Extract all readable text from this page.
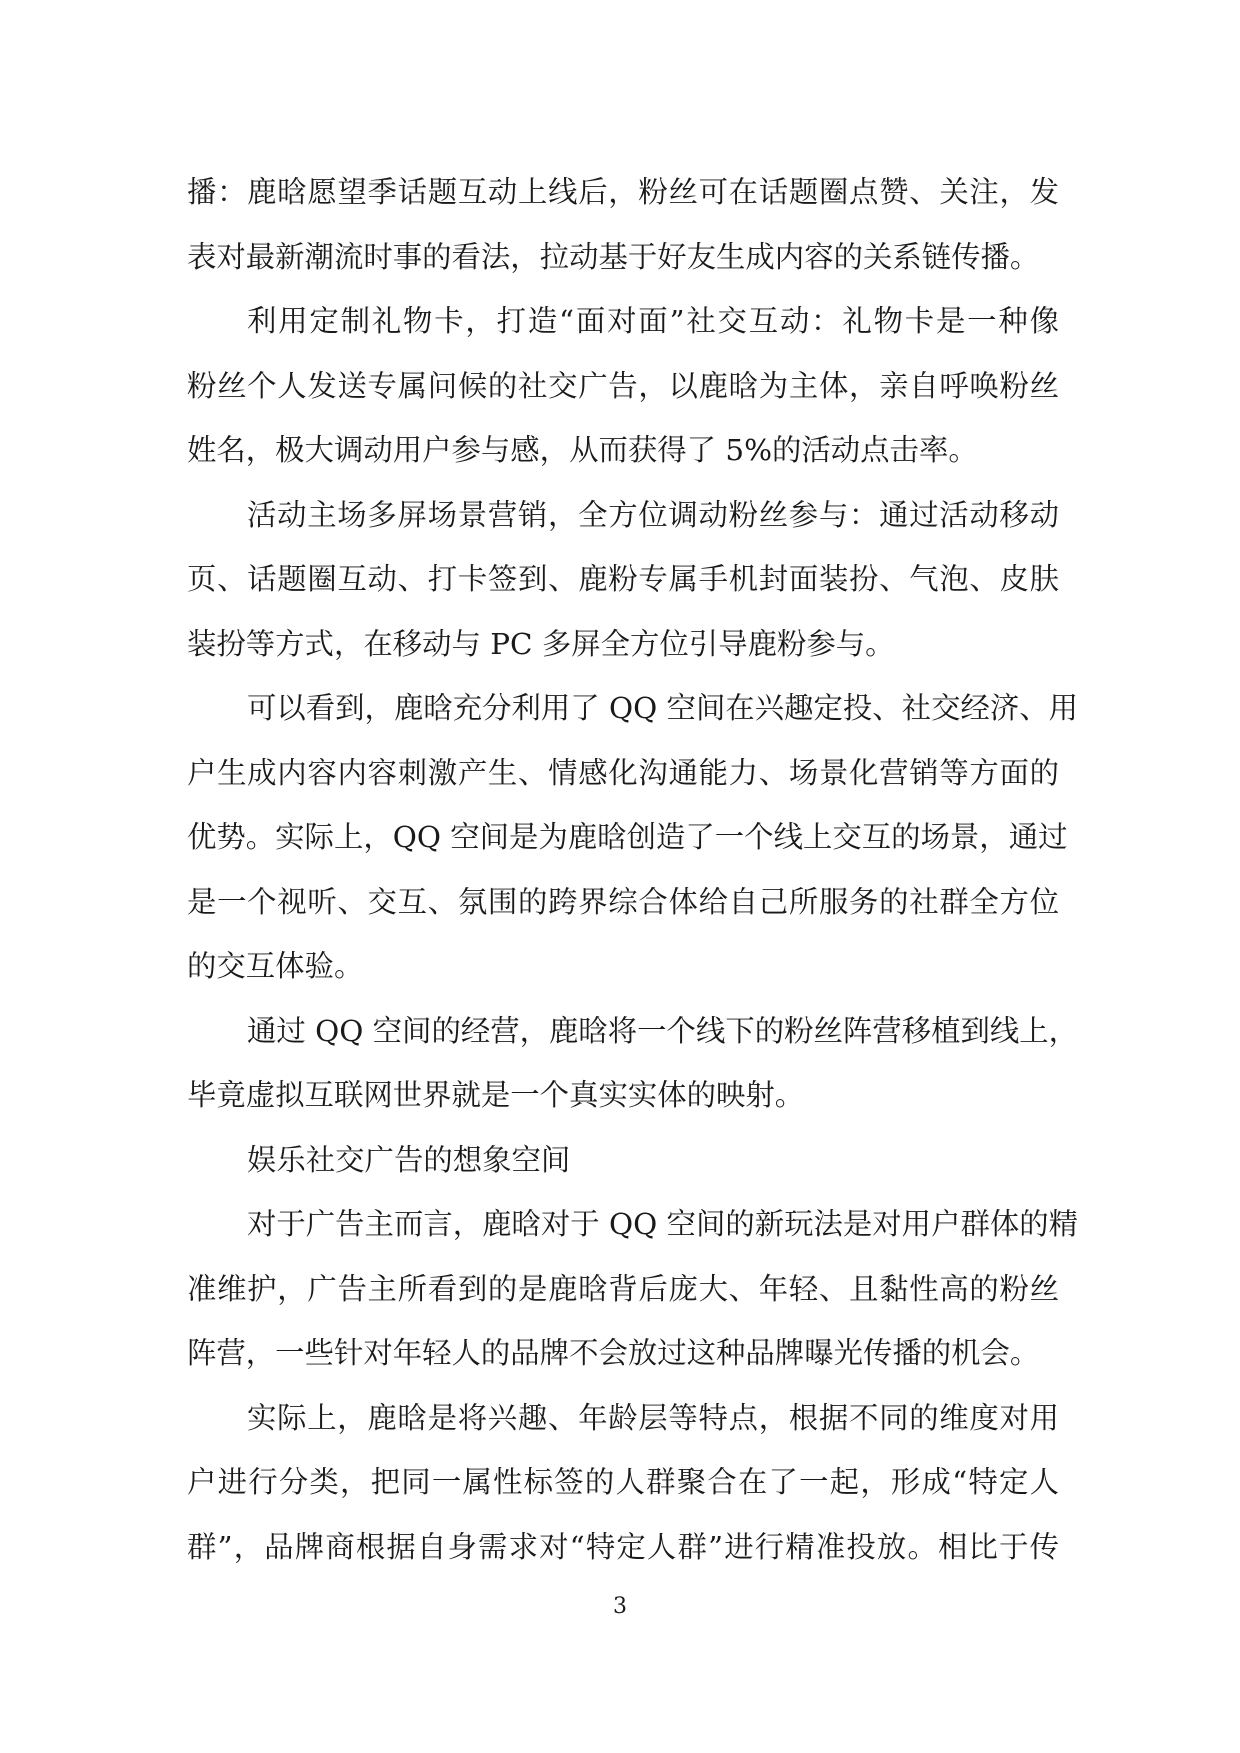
播：鹿晗愿望季话题互动上线后，粉丝可在话题圈点赞、关注，发
表对最新潮流时事的看法，拉动基于好友生成内容的关系链传播。
利用定制礼物卡，打造“面对面”社交互动：礼物卡是一种像
粉丝个人发送专属问候的社交广告，以鹿晗为主体，亲自呼唤粉丝
姓名，极大调动用户参与感，从而获得了 5%的活动点击率。
活动主场多屏场景营销，全方位调动粉丝参与：通过活动移动
页、话题圈互动、打卡签到、鹿粉专属手机封面装扮、气泡、皮肤
装扮等方式，在移动与 PC 多屏全方位引导鹿粉参与。
可以看到，鹿晗充分利用了 QQ 空间在兴趣定投、社交经济、用
户生成内容内容刺激产生、情感化沟通能力、场景化营销等方面的
优势。实际上，QQ 空间是为鹿晗创造了一个线上交互的场景，通过
是一个视听、交互、氛围的跨界综合体给自己所服务的社群全方位
的交互体验。
通过 QQ 空间的经营，鹿晗将一个线下的粉丝阵营移植到线上，
毕竟虚拟互联网世界就是一个真实实体的映射。
娱乐社交广告的想象空间
对于广告主而言，鹿晗对于 QQ 空间的新玩法是对用户群体的精
准维护，广告主所看到的是鹿晗背后庞大、年轻、且黏性高的粉丝
阵营，一些针对年轻人的品牌不会放过这种品牌曝光传播的机会。
实际上，鹿晗是将兴趣、年龄层等特点，根据不同的维度对用
户进行分类，把同一属性标签的人群聚合在了一起，形成“特定人
群”，品牌商根据自身需求对“特定人群”进行精准投放。相比于传
3
